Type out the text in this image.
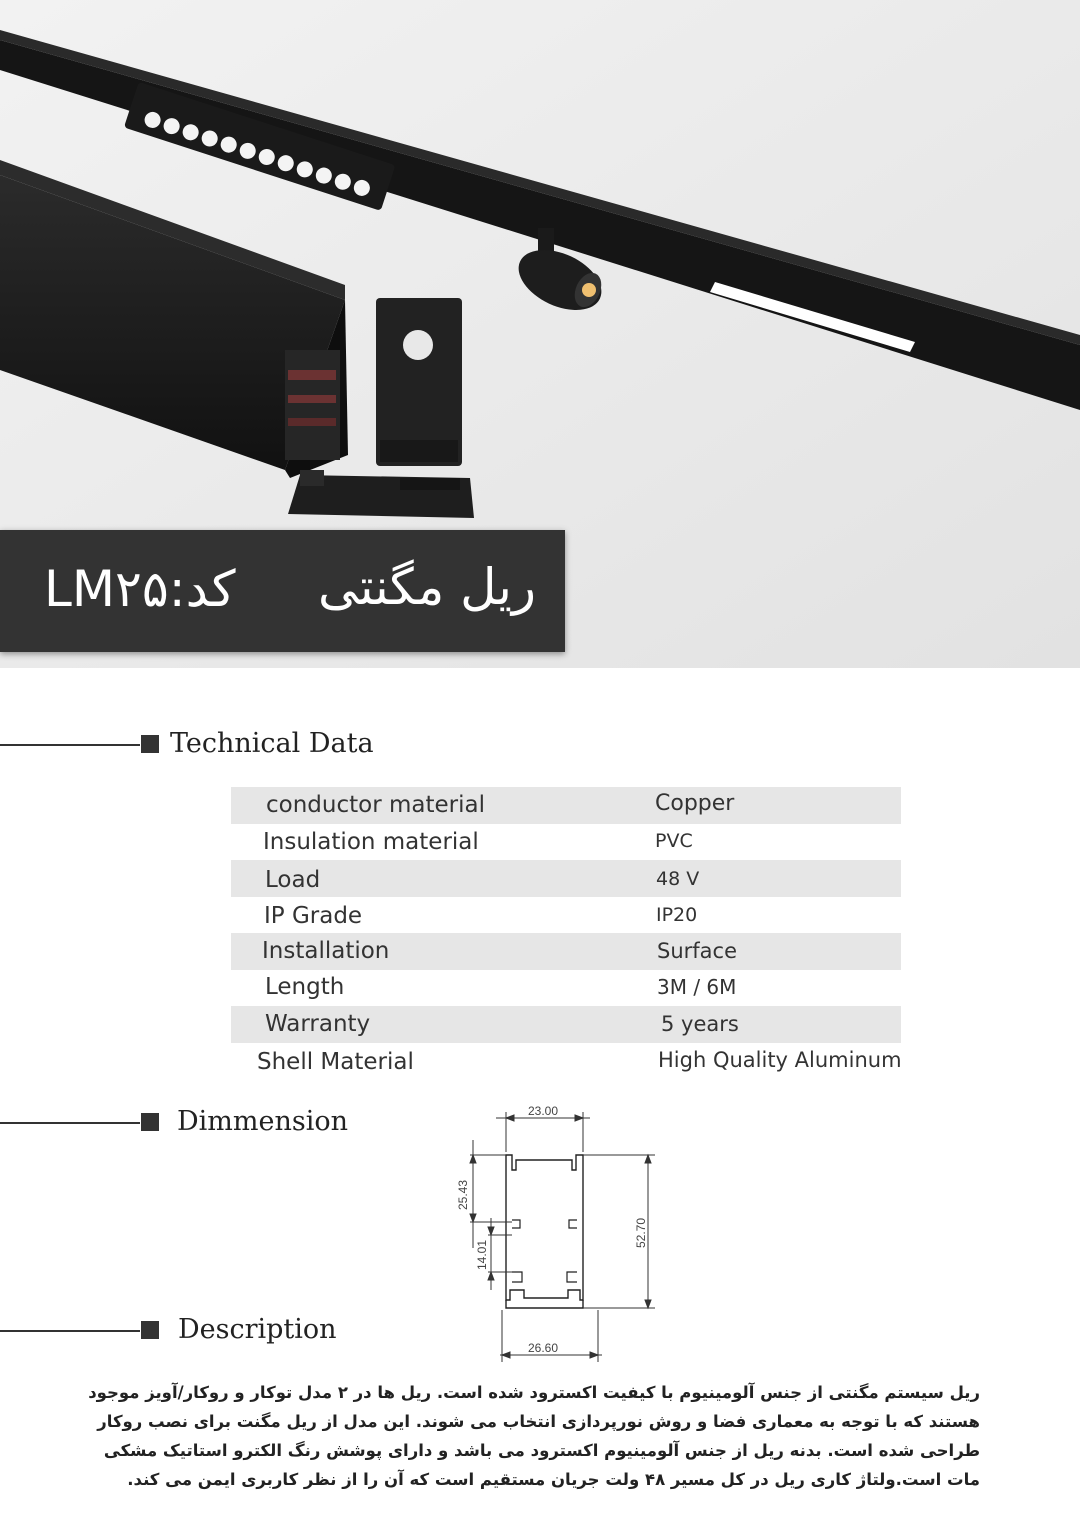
ریل مگنتی
کد:LM۲۵
Technical Data
conductor material	Copper
Insulation material	PVC
Load	48 V
IP Grade	IP20
Installation	Surface
Length	3M / 6M
Warranty	5 years
Shell Material	High Quality Aluminum
Dimmension	23.00
26.60
25.43
14.01
52.70
Description

ریل سیستم مگنتی از جنس آلومینیوم با کیفیت اکسترود شده است. ریل ها در ۲ مدل توکار و روکار/آویز موجود

هستند که با توجه به معماری فضا و روش نورپردازی انتخاب می شوند. این مدل از ریل مگنت برای نصب روکار

طراحی شده است. بدنه ریل از جنس آلومینیوم اکسترود می باشد و دارای پوشش رنگ الکترو استاتیک مشکی

مات است.ولتاژ کاری ریل در کل مسیر ۴۸ ولت جریان مستقیم است که آن را از نظر کاربری ایمن می کند.
